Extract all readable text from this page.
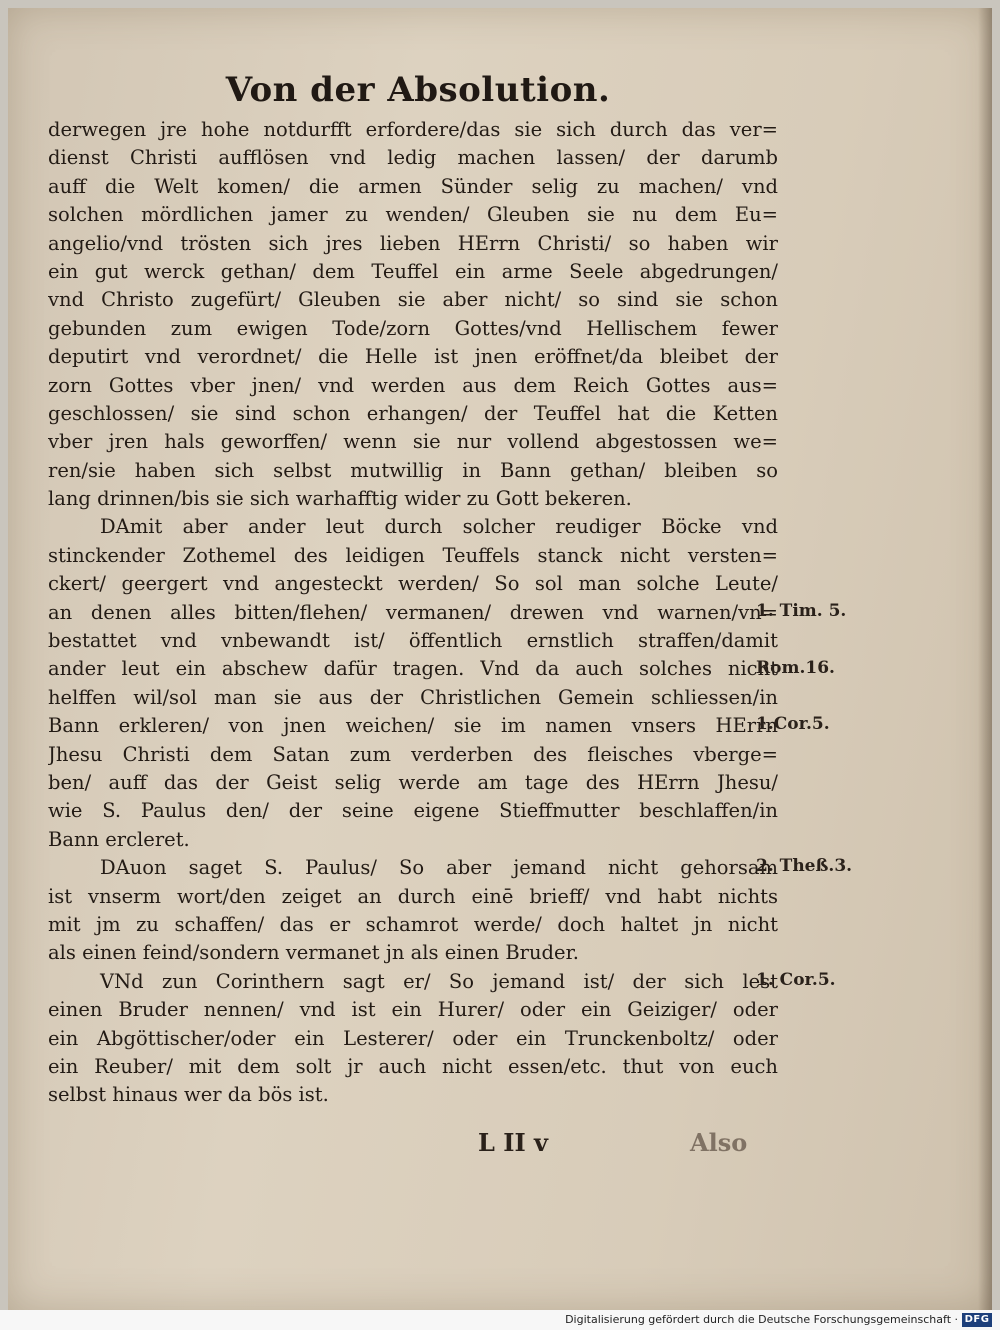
Von der Absolution.
derwegen jre hohe notdurfft erfordere/das sie sich durch das ver=
dienst Christi aufflösen vnd ledig machen lassen/ der darumb
auff die Welt komen/ die armen Sünder selig zu machen/ vnd
solchen mördlichen jamer zu wenden/ Gleuben sie nu dem Eu=
angelio/vnd trösten sich jres lieben HErrn Christi/ so haben wir
ein gut werck gethan/ dem Teuffel ein arme Seele abgedrungen/
vnd Christo zugefürt/ Gleuben sie aber nicht/ so sind sie schon
gebunden zum ewigen Tode/zorn Gottes/vnd Hellischem fewer
deputirt vnd verordnet/ die Helle ist jnen eröffnet/da bleibet der
zorn Gottes vber jnen/ vnd werden aus dem Reich Gottes aus=
geschlossen/ sie sind schon erhangen/ der Teuffel hat die Ketten
vber jren hals geworffen/ wenn sie nur vollend abgestossen we=
ren/sie haben sich selbst mutwillig in Bann gethan/ bleiben so
lang drinnen/bis sie sich warhafftig wider zu Gott bekeren.
DAmit aber ander leut durch solcher reudiger Böcke vnd
stinckender Zothemel des leidigen Teuffels stanck nicht versten=
ckert/ geergert vnd angesteckt werden/ So sol man solche Leute/
an denen alles bitten/flehen/ vermanen/ drewen vnd warnen/vn=
bestattet vnd vnbewandt ist/ öffentlich ernstlich straffen/damit
ander leut ein abschew dafür tragen. Vnd da auch solches nicht
helffen wil/sol man sie aus der Christlichen Gemein schliessen/in
Bann erkleren/ von jnen weichen/ sie im namen vnsers HErrn
Jhesu Christi dem Satan zum verderben des fleisches vberge=
ben/ auff das der Geist selig werde am tage des HErrn Jhesu/
wie S. Paulus den/ der seine eigene Stieffmutter beschlaffen/in
Bann ercleret.
DAuon saget S. Paulus/ So aber jemand nicht gehorsam
ist vnserm wort/den zeiget an durch einē brieff/ vnd habt nichts
mit jm zu schaffen/ das er schamrot werde/ doch haltet jn nicht
als einen feind/sondern vermanet jn als einen Bruder.
VNd zun Corinthern sagt er/ So jemand ist/ der sich lest
einen Bruder nennen/ vnd ist ein Hurer/ oder ein Geiziger/ oder
ein Abgöttischer/oder ein Lesterer/ oder ein Trunckenboltz/ oder
ein Reuber/ mit dem solt jr auch nicht essen/etc. thut von euch
selbst hinaus wer da bös ist.
1. Tim. 5.
Rom.16.
1.Cor.5.
2. Theß.3.
1. Cor.5.
L II v	Also
Digitalisierung gefördert durch die Deutsche Forschungsgemeinschaft · DFG
